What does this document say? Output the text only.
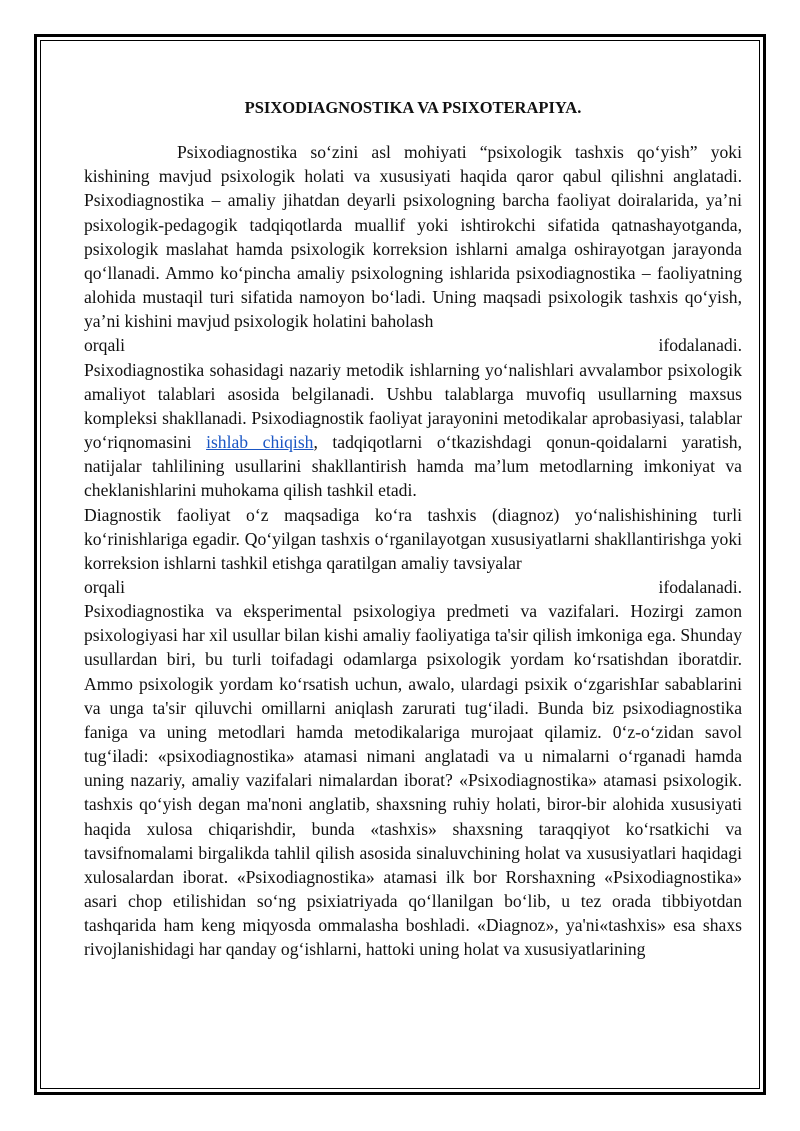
PSIXODIAGNOSTIKA VA PSIXOTERAPIYA.

Psixodiagnostika so‘zini asl mohiyati “psixologik tashxis qo‘yish” yoki kishining mavjud psixologik holati va xususiyati haqida qaror qabul qilishni anglatadi. Psixodiagnostika – amaliy jihatdan deyarli psixologning barcha faoliyat doiralarida, ya’ni psixologik-pedagogik tadqiqotlarda muallif yoki ishtirokchi sifatida qatnashayotganda, psixologik maslahat hamda psixologik korreksion ishlarni amalga oshirayotgan jarayonda qo‘llanadi. Ammo ko‘pincha amaliy psixologning ishlarida psixodiagnostika – faoliyatning alohida mustaqil turi sifatida namoyon bo‘ladi. Uning maqsadi psixologik tashxis qo‘yish, ya’ni kishini mavjud psixologik holatini baholash

orqali ifodalanadi.

Psixodiagnostika sohasidagi nazariy metodik ishlarning yo‘nalishlari avvalambor psixologik amaliyot talablari asosida belgilanadi. Ushbu talablarga muvofiq usullarning maxsus kompleksi shakllanadi. Psixodiagnostik faoliyat jarayonini metodikalar aprobasiyasi, talablar yo‘riqnomasini ishlab chiqish, tadqiqotlarni o‘tkazishdagi qonun-qoidalarni yaratish, natijalar tahlilining usullarini shakllantirish hamda ma’lum metodlarning imkoniyat va cheklanishlarini muhokama qilish tashkil etadi.

Diagnostik faoliyat o‘z maqsadiga ko‘ra tashxis (diagnoz) yo‘nalishishining turli ko‘rinishlariga egadir. Qo‘yilgan tashxis o‘rganilayotgan xususiyatlarni shakllantirishga yoki korreksion ishlarni tashkil etishga qaratilgan amaliy tavsiyalar

orqali ifodalanadi.

Psixodiagnostika va eksperimental psixologiya predmeti va vazifalari. Hozirgi zamon psixologiyasi har xil usullar bilan kishi amaliy faoliyatiga ta'sir qilish imkoniga ega. Shunday usullardan biri, bu turli toifadagi odamlarga psixologik yordam ko‘rsatishdan iboratdir. Ammo psixologik yordam ko‘rsatish uchun, awalo, ulardagi psixik o‘zgarishIar sabablarini va unga ta'sir qiluvchi omillarni aniqlash zarurati tug‘iladi. Bunda biz psixodiagnostika faniga va uning metodlari hamda metodikalariga murojaat qilamiz. 0‘z-o‘zidan savol tug‘iladi: «psixodiagnostika» atamasi nimani anglatadi va u nimalarni o‘rganadi hamda uning nazariy, amaliy vazifalari nimalardan iborat? «Psixodiagnostika» atamasi psixologik. tashxis qo‘yish degan ma'noni anglatib, shaxsning ruhiy holati, biror-bir alohida xususiyati haqida xulosa chiqarishdir, bunda «tashxis» shaxsning taraqqiyot ko‘rsatkichi va tavsifnomalami birgalikda tahlil qilish asosida sinaluvchining holat va xususiyatlari haqidagi xulosalardan iborat. «Psixodiagnostika» atamasi ilk bor Rorshaxning «Psixodiagnostika» asari chop etilishidan so‘ng psixiatriyada qo‘llanilgan bo‘lib, u tez orada tibbiyotdan tashqarida ham keng miqyosda ommalasha boshladi. «Diagnoz», ya'ni«tashxis» esa shaxs rivojlanishidagi har qanday og‘ishlarni, hattoki uning holat va xususiyatlarining
